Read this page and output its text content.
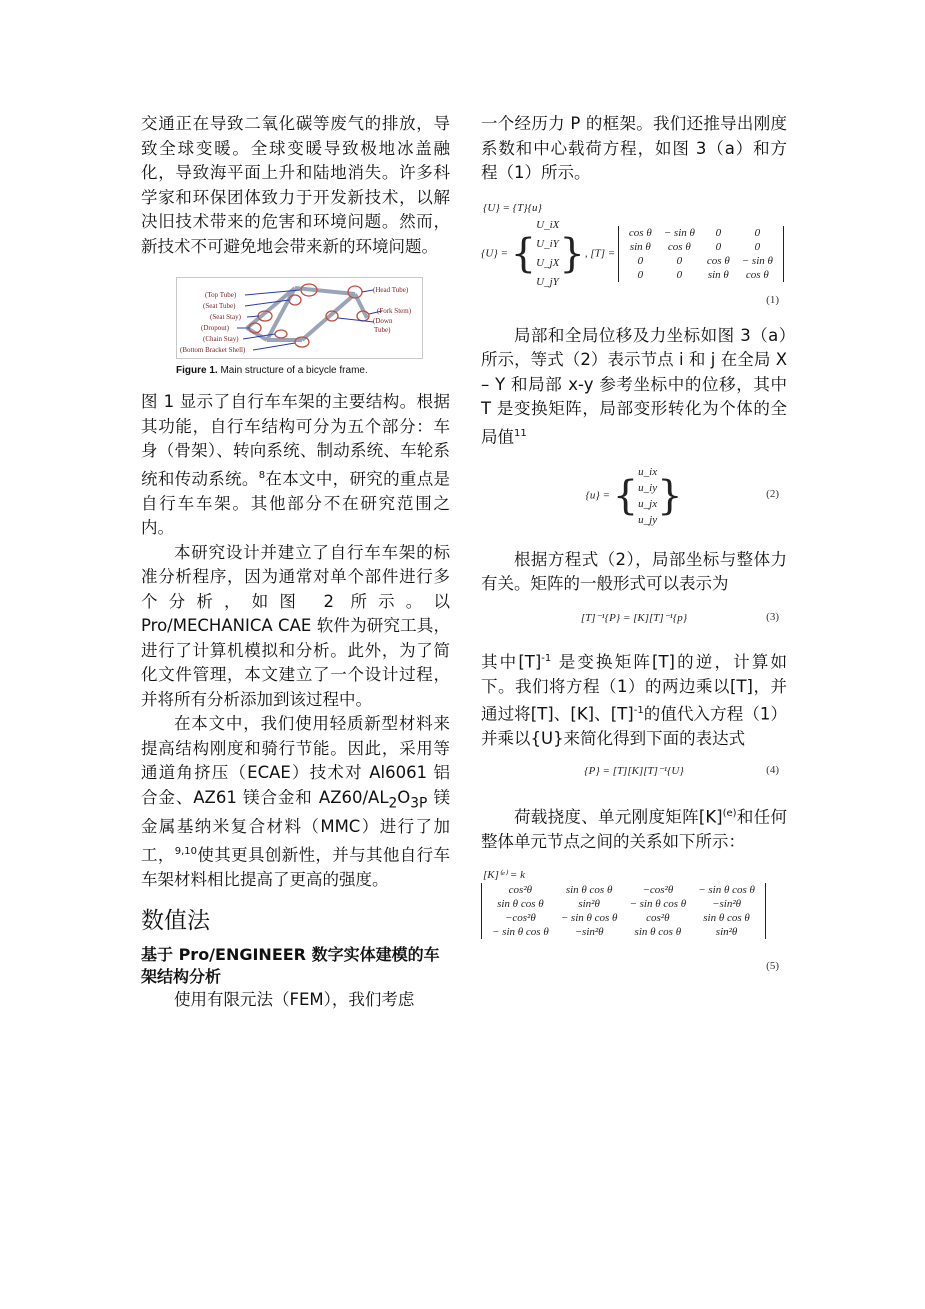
交通正在导致二氧化碳等废气的排放，导致全球变暖。全球变暖导致极地冰盖融化，导致海平面上升和陆地消失。许多科学家和环保团体致力于开发新技术，以解决旧技术带来的危害和环境问题。然而，新技术不可避免地会带来新的环境问题。

(Top Tube)
(Seat Tube)
(Seat Stay)
(Dropout)
(Chain Stay)
(Bottom Bracket Shell)
(Head Tube)
(Fork Stem)
(Down
Tube)
Figure 1. Main structure of a bicycle frame.

图 1 显示了自行车车架的主要结构。根据其功能，自行车结构可分为五个部分：车身（骨架）、转向系统、制动系统、车轮系统和传动系统。$^8$在本文中，研究的重点是自行车车架。其他部分不在研究范围之内。

本研究设计并建立了自行车车架的标准分析程序，因为通常对单个部件进行多个分析，如图 2 所示。以 Pro/MECHANICA CAE 软件为研究工具，进行了计算机模拟和分析。此外，为了简化文件管理，本文建立了一个设计过程，并将所有分析添加到该过程中。

在本文中，我们使用轻质新型材料来提高结构刚度和骑行节能。因此，采用等通道角挤压（ECAE）技术对 Al6061 铝合金、AZ61 镁合金和 $AZ60/AL_2O_{3P}$ 镁金属基纳米复合材料（MMC）进行了加工，$^{9,10}$使其更具创新性，并与其他自行车车架材料相比提高了更高的强度。

数值法
基于 Pro/ENGINEER 数字实体建模的车架结构分析

使用有限元法（FEM），我们考虑

一个经历力 P 的框架。我们还推导出刚度系数和中心载荷方程，如图 3（a）和方程（1）所示。

{U} = {T}{u}
{U} = {
U_iX
U_iY
U_jX
U_jY
}, [T] =
cos θ	− sin θ	0	0
sin θ	cos θ	0	0
0	0	cos θ	− sin θ
0	0	sin θ	cos θ
(1)

局部和全局位移及力坐标如图 3（a）所示，等式（2）表示节点 i 和 j 在全局 X – Y 和局部 x-y 参考坐标中的位移，其中 T 是变换矩阵，局部变形转化为个体的全局值$^{11}$

{u} = {
u_ix
u_iy
u_jx
u_jy
}	(2)

根据方程式（2），局部坐标与整体力有关。矩阵的一般形式可以表示为

[T]⁻¹{P} = [K][T]⁻¹{p}	(3)

其中$[T]^{-1}$ 是变换矩阵[T]的逆，计算如下。我们将方程（1）的两边乘以[T]，并通过将[T]、[K]、$[T]^{-1}$的值代入方程（1）并乘以{U}来简化得到下面的表达式

{P} = [T][K][T]⁻¹{U}	(4)

荷载挠度、单元刚度矩阵$[K]^{(e)}$和任何整体单元节点之间的关系如下所示：

[K]⁽ᵉ⁾ = k
cos²θ	sin θ cos θ	−cos²θ	− sin θ cos θ
sin θ cos θ	sin²θ	− sin θ cos θ	−sin²θ
−cos²θ	− sin θ cos θ	cos²θ	sin θ cos θ
− sin θ cos θ	−sin²θ	sin θ cos θ	sin²θ
(5)
